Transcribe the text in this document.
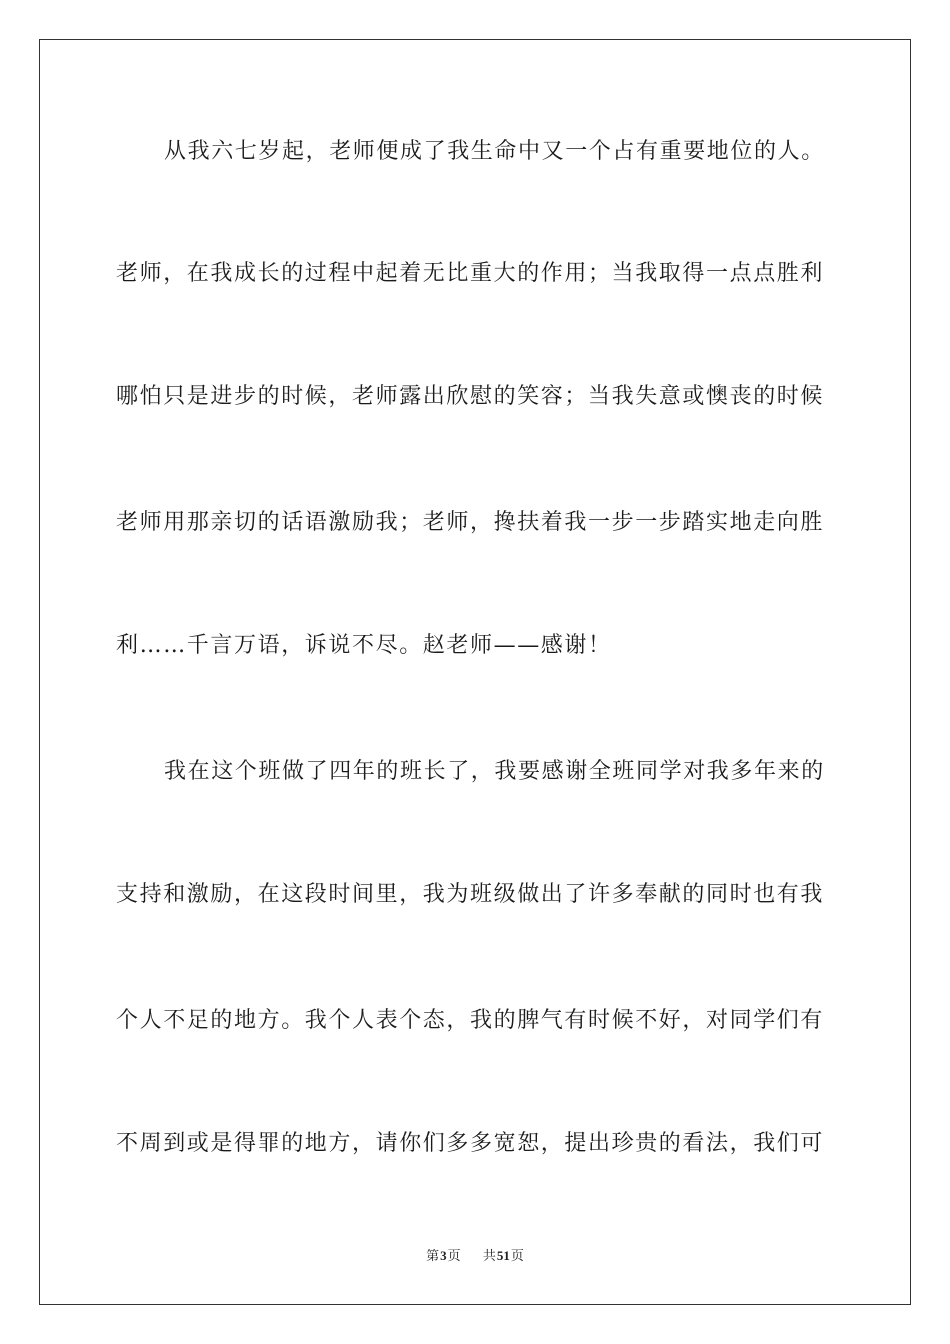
从我六七岁起，老师便成了我生命中又一个占有重要地位的人。
老师，在我成长的过程中起着无比重大的作用；当我取得一点点胜利
哪怕只是进步的时候，老师露出欣慰的笑容；当我失意或懊丧的时候
老师用那亲切的话语激励我；老师，搀扶着我一步一步踏实地走向胜
利……千言万语，诉说不尽。赵老师——感谢！
我在这个班做了四年的班长了，我要感谢全班同学对我多年来的
支持和激励，在这段时间里，我为班级做出了许多奉献的同时也有我
个人不足的地方。我个人表个态，我的脾气有时候不好，对同学们有
不周到或是得罪的地方，请你们多多宽恕，提出珍贵的看法，我们可
第3页 共51页
